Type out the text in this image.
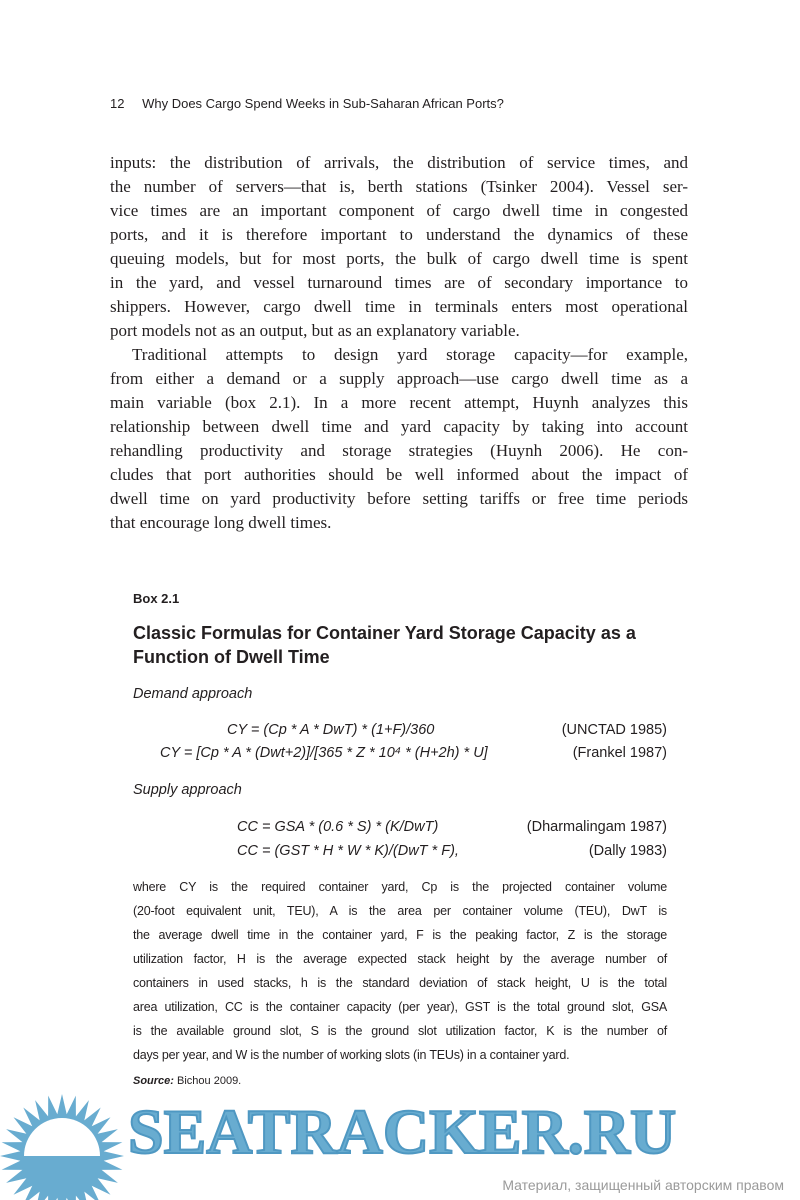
12 Why Does Cargo Spend Weeks in Sub-Saharan African Ports?
inputs: the distribution of arrivals, the distribution of service times, and
the number of servers—that is, berth stations (Tsinker 2004). Vessel ser-
vice times are an important component of cargo dwell time in congested
ports, and it is therefore important to understand the dynamics of these
queuing models, but for most ports, the bulk of cargo dwell time is spent
in the yard, and vessel turnaround times are of secondary importance to
shippers. However, cargo dwell time in terminals enters most operational
port models not as an output, but as an explanatory variable.
Traditional attempts to design yard storage capacity—for example,
from either a demand or a supply approach—use cargo dwell time as a
main variable (box 2.1). In a more recent attempt, Huynh analyzes this
relationship between dwell time and yard capacity by taking into account
rehandling productivity and storage strategies (Huynh 2006). He con-
cludes that port authorities should be well informed about the impact of
dwell time on yard productivity before setting tariffs or free time periods
that encourage long dwell times.
Box 2.1
Classic Formulas for Container Yard Storage Capacity as a
Function of Dwell Time
Demand approach
CY = (Cp * A * DwT) * (1+F)/360	(UNCTAD 1985)
CY = [Cp * A * (Dwt+2)]/[365 * Z * 10⁴ * (H+2h) * U]	(Frankel 1987)
Supply approach
CC = GSA * (0.6 * S) * (K/DwT)	(Dharmalingam 1987)
CC = (GST * H * W * K)/(DwT * F),	(Dally 1983)
where CY is the required container yard, Cp is the projected container volume
(20-foot equivalent unit, TEU), A is the area per container volume (TEU), DwT is
the average dwell time in the container yard, F is the peaking factor, Z is the storage
utilization factor, H is the average expected stack height by the average number of
containers in used stacks, h is the standard deviation of stack height, U is the total
area utilization, CC is the container capacity (per year), GST is the total ground slot, GSA
is the available ground slot, S is the ground slot utilization factor, K is the number of
days per year, and W is the number of working slots (in TEUs) in a container yard.
Source: Bichou 2009.
SEATRACKER.RU
Материал, защищенный авторским правом
